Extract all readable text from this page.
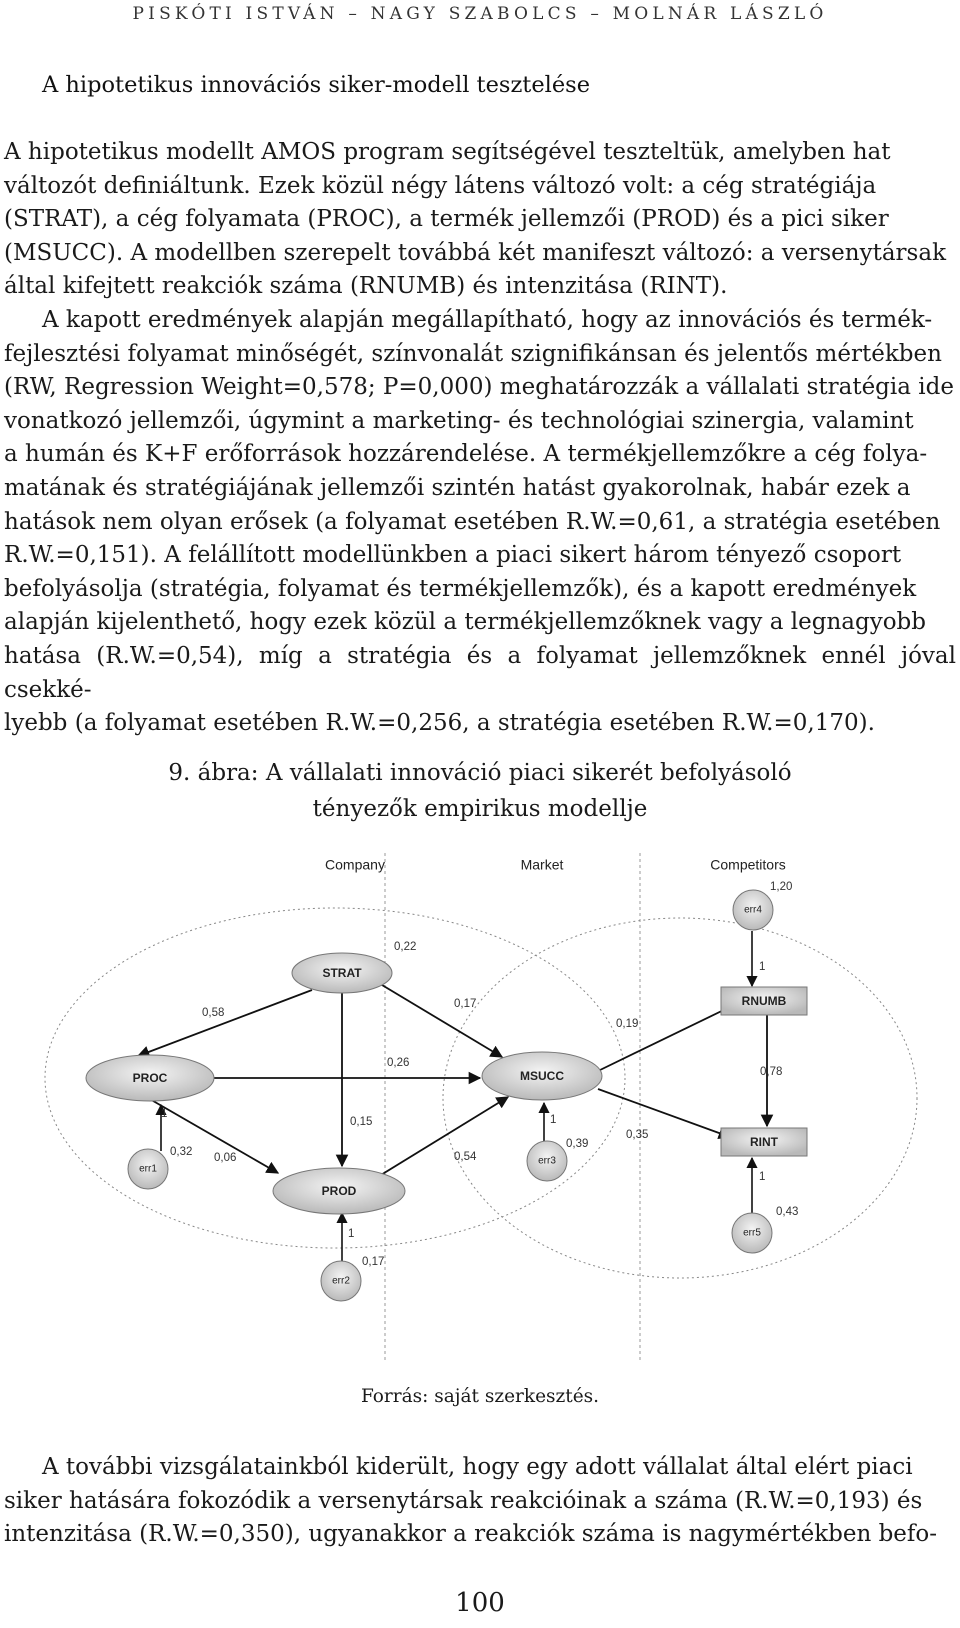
PISKÓTI ISTVÁN – NAGY SZABOLCS – MOLNÁR LÁSZLÓ
A hipotetikus innovációs siker-modell tesztelése
A hipotetikus modellt AMOS program segítségével teszteltük, amelyben hat
változót definiáltunk. Ezek közül négy látens változó volt: a cég stratégiája
(STRAT), a cég folyamata (PROC), a termék jellemzői (PROD) és a pici siker
(MSUCC). A modellben szerepelt továbbá két manifeszt változó: a versenytársak
által kifejtett reakciók száma (RNUMB) és intenzitása (RINT).
A kapott eredmények alapján megállapítható, hogy az innovációs és termék-
fejlesztési folyamat minőségét, színvonalát szignifikánsan és jelentős mértékben
(RW, Regression Weight=0,578; P=0,000) meghatározzák a vállalati stratégia ide
vonatkozó jellemzői, úgymint a marketing- és technológiai szinergia, valamint
a humán és K+F erőforrások hozzárendelése. A termékjellemzőkre a cég folya-
matának és stratégiájának jellemzői szintén hatást gyakorolnak, habár ezek a
hatások nem olyan erősek (a folyamat esetében R.W.=0,61, a stratégia esetében
R.W.=0,151). A felállított modellünkben a piaci sikert három tényező csoport
befolyásolja (stratégia, folyamat és termékjellemzők), és a kapott eredmények
alapján kijelenthető, hogy ezek közül a termékjellemzőknek vagy a legnagyobb
hatása (R.W.=0,54), míg a stratégia és a folyamat jellemzőknek ennél jóval csekké-
lyebb (a folyamat esetében R.W.=0,256, a stratégia esetében R.W.=0,170).
9. ábra: A vállalati innováció piaci sikerét befolyásoló
tényezők empirikus modellje
Company	Market	Competitors
STRAT
PROC
PROD
MSUCC
RNUMB
RINT
err1
err2
err3
err4
err5
0,22
0,58
0,17
0,26
0,15
0,06	0,54
0,19
0,35
0,78
0,32
1
0,17
1
0,39
1
1,20
1
0,43
1
Forrás: saját szerkesztés.
A további vizsgálatainkból kiderült, hogy egy adott vállalat által elért piaci
siker hatására fokozódik a versenytársak reakcióinak a száma (R.W.=0,193) és
intenzitása (R.W.=0,350), ugyanakkor a reakciók száma is nagymértékben befo-
100
